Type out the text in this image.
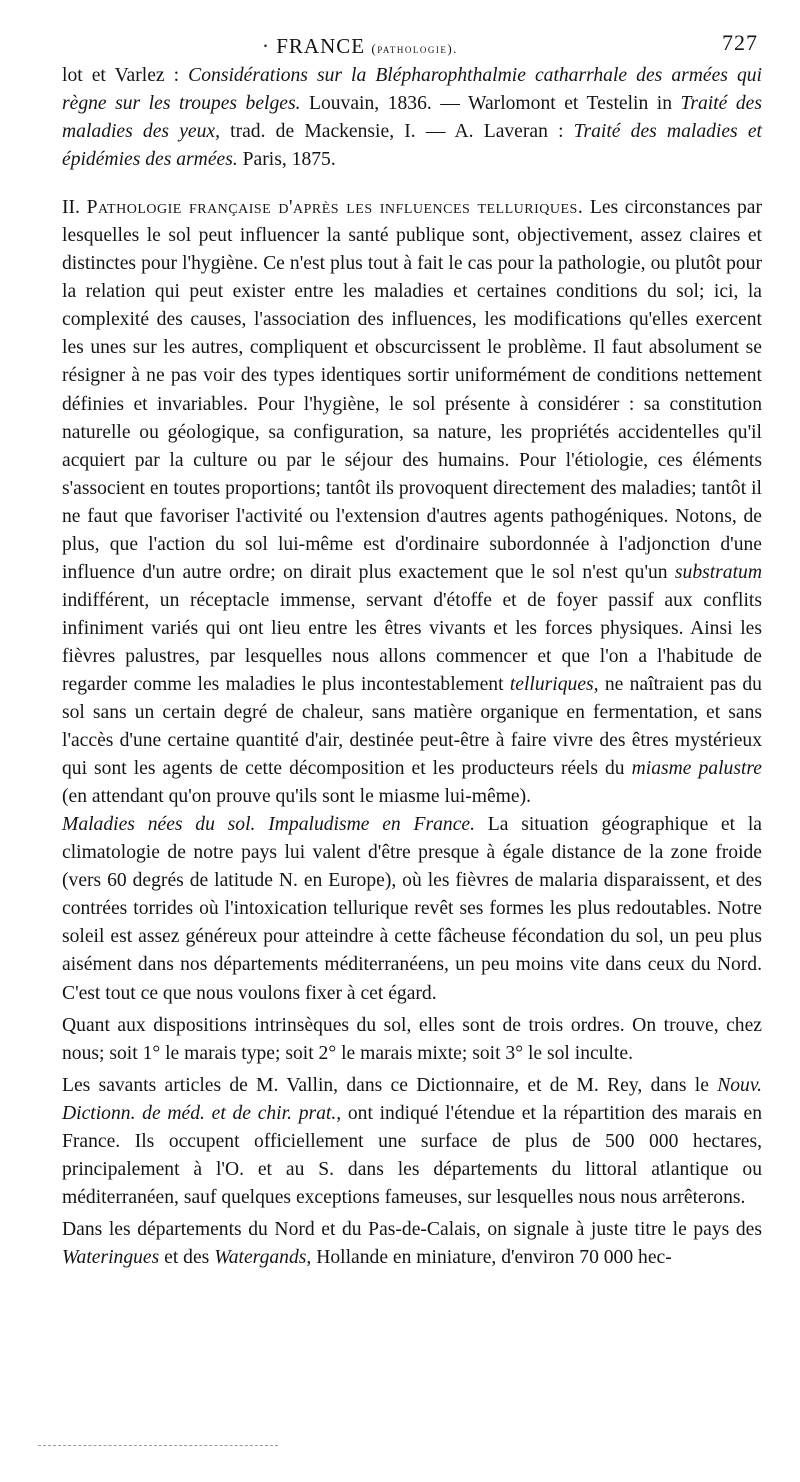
· FRANCE (pathologie).	727

lot et Varlez : Considérations sur la Blépharophthalmie catharrhale des armées qui règne sur les troupes belges. Louvain, 1836. — Warlomont et Testelin in Traité des maladies des yeux, trad. de Mackensie, I. — A. Laveran : Traité des maladies et épidémies des armées. Paris, 1875.

II. Pathologie française d'après les influences telluriques. Les circonstances par lesquelles le sol peut influencer la santé publique sont, objectivement, assez claires et distinctes pour l'hygiène. Ce n'est plus tout à fait le cas pour la pathologie, ou plutôt pour la relation qui peut exister entre les maladies et certaines conditions du sol; ici, la complexité des causes, l'association des influences, les modifications qu'elles exercent les unes sur les autres, compliquent et obscurcissent le problème. Il faut absolument se résigner à ne pas voir des types identiques sortir uniformément de conditions nettement définies et invariables. Pour l'hygiène, le sol présente à considérer : sa constitution naturelle ou géologique, sa configuration, sa nature, les propriétés accidentelles qu'il acquiert par la culture ou par le séjour des humains. Pour l'étiologie, ces éléments s'associent en toutes proportions; tantôt ils provoquent directement des maladies; tantôt il ne faut que favoriser l'activité ou l'extension d'autres agents pathogéniques. Notons, de plus, que l'action du sol lui-même est d'ordinaire subordonnée à l'adjonction d'une influence d'un autre ordre; on dirait plus exactement que le sol n'est qu'un substratum indifférent, un réceptacle immense, servant d'étoffe et de foyer passif aux conflits infiniment variés qui ont lieu entre les êtres vivants et les forces physiques. Ainsi les fièvres palustres, par lesquelles nous allons commencer et que l'on a l'habitude de regarder comme les maladies le plus incontestablement telluriques, ne naîtraient pas du sol sans un certain degré de chaleur, sans matière organique en fermentation, et sans l'accès d'une certaine quantité d'air, destinée peut-être à faire vivre des êtres mystérieux qui sont les agents de cette décomposition et les producteurs réels du miasme palustre (en attendant qu'on prouve qu'ils sont le miasme lui-même).

Maladies nées du sol. Impaludisme en France. La situation géographique et la climatologie de notre pays lui valent d'être presque à égale distance de la zone froide (vers 60 degrés de latitude N. en Europe), où les fièvres de malaria disparaissent, et des contrées torrides où l'intoxication tellurique revêt ses formes les plus redoutables. Notre soleil est assez généreux pour atteindre à cette fâcheuse fécondation du sol, un peu plus aisément dans nos départements méditerranéens, un peu moins vite dans ceux du Nord. C'est tout ce que nous voulons fixer à cet égard.

Quant aux dispositions intrinsèques du sol, elles sont de trois ordres. On trouve, chez nous; soit 1° le marais type; soit 2° le marais mixte; soit 3° le sol inculte.

Les savants articles de M. Vallin, dans ce Dictionnaire, et de M. Rey, dans le Nouv. Dictionn. de méd. et de chir. prat., ont indiqué l'étendue et la répartition des marais en France. Ils occupent officiellement une surface de plus de 500 000 hectares, principalement à l'O. et au S. dans les départements du littoral atlantique ou méditerranéen, sauf quelques exceptions fameuses, sur lesquelles nous nous arrêterons.

Dans les départements du Nord et du Pas-de-Calais, on signale à juste titre le pays des Wateringues et des Watergands, Hollande en miniature, d'environ 70 000 hec-
